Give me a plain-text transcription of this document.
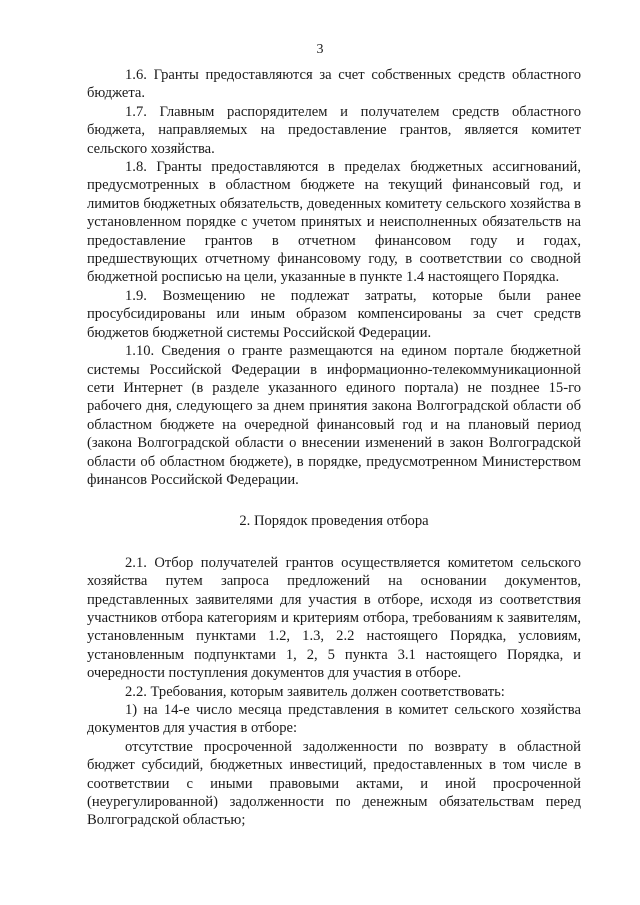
3

1.6. Гранты предоставляются за счет собственных средств областного бюджета.

1.7. Главным распорядителем и получателем средств областного бюджета, направляемых на предоставление грантов, является комитет сельского хозяйства.

1.8. Гранты предоставляются в пределах бюджетных ассигнований, предусмотренных в областном бюджете на текущий финансовый год, и лимитов бюджетных обязательств, доведенных комитету сельского хозяйства в установленном порядке с учетом принятых и неисполненных обязательств на предоставление грантов в отчетном финансовом году и годах, предшествующих отчетному финансовому году, в соответствии со сводной бюджетной росписью на цели, указанные в пункте 1.4 настоящего Порядка.

1.9. Возмещению не подлежат затраты, которые были ранее просубсидированы или иным образом компенсированы за счет средств бюджетов бюджетной системы Российской Федерации.

1.10. Сведения о гранте размещаются на едином портале бюджетной системы Российской Федерации в информационно-телекоммуникационной сети Интернет (в разделе указанного единого портала) не позднее 15-го рабочего дня, следующего за днем принятия закона Волгоградской области об областном бюджете на очередной финансовый год и на плановый период (закона Волгоградской области о внесении изменений в закон Волгоградской области об областном бюджете), в порядке, предусмотренном Министерством финансов Российской Федерации.

2. Порядок проведения отбора

2.1. Отбор получателей грантов осуществляется комитетом сельского хозяйства путем запроса предложений на основании документов, представленных заявителями для участия в отборе, исходя из соответствия участников отбора категориям и критериям отбора, требованиям к заявителям, установленным пунктами 1.2, 1.3, 2.2 настоящего Порядка, условиям, установленным подпунктами 1, 2, 5 пункта 3.1 настоящего Порядка, и очередности поступления документов для участия в отборе.

2.2. Требования, которым заявитель должен соответствовать:

1) на 14-е число месяца представления в комитет сельского хозяйства документов для участия в отборе:

отсутствие просроченной задолженности по возврату в областной бюджет субсидий, бюджетных инвестиций, предоставленных в том числе в соответствии с иными правовыми актами, и иной просроченной (неурегулированной) задолженности по денежным обязательствам перед Волгоградской областью;
